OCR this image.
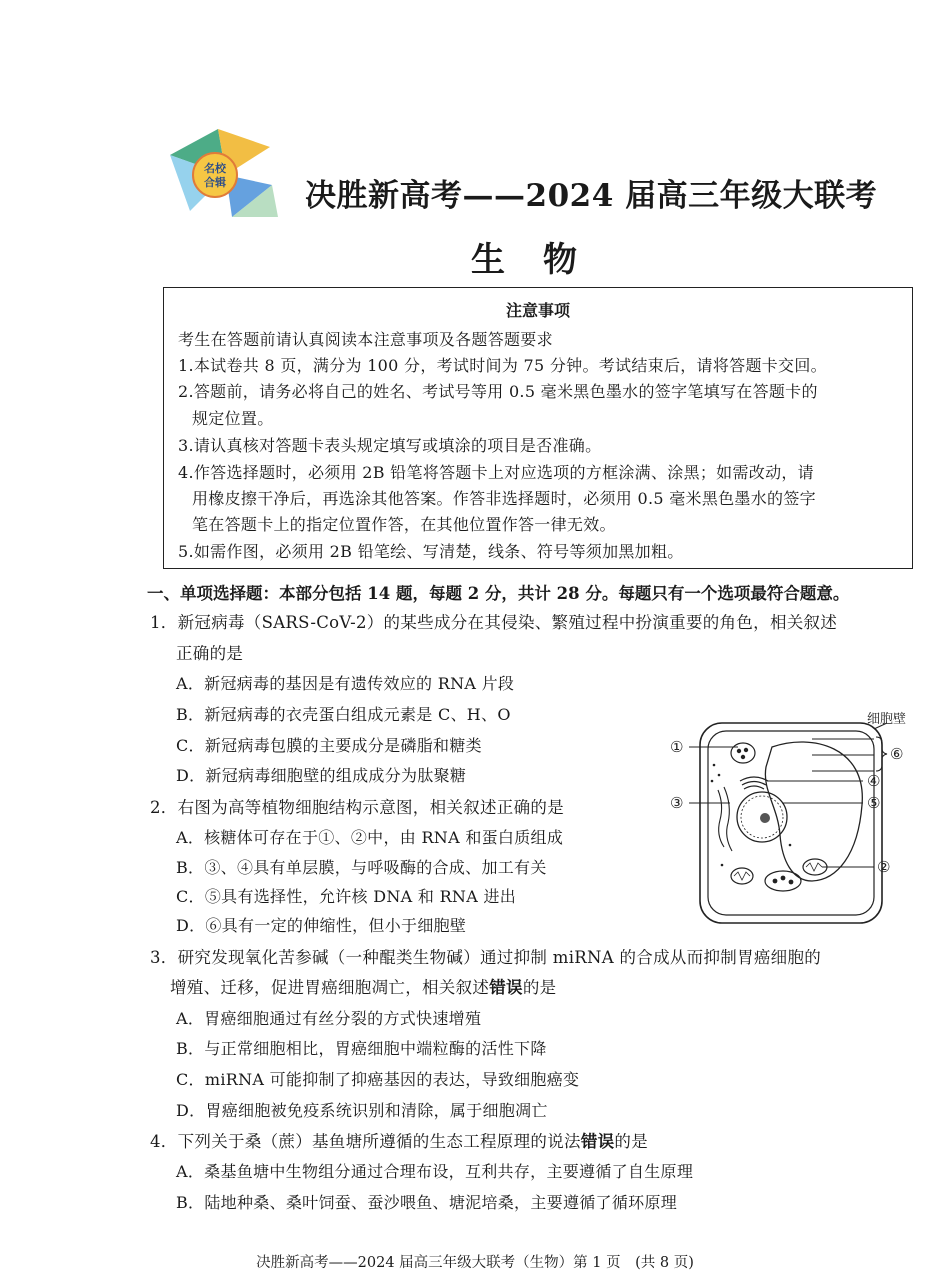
名校
合辑	决胜新高考——2024 届高三年级大联考
生　物
注意事项
考生在答题前请认真阅读本注意事项及各题答题要求
1.本试卷共 8 页，满分为 100 分，考试时间为 75 分钟。考试结束后，请将答题卡交回。
2.答题前，请务必将自己的姓名、考试号等用 0.5 毫米黑色墨水的签字笔填写在答题卡的
规定位置。
3.请认真核对答题卡表头规定填写或填涂的项目是否准确。
4.作答选择题时，必须用 2B 铅笔将答题卡上对应选项的方框涂满、涂黑；如需改动，请
用橡皮擦干净后，再选涂其他答案。作答非选择题时，必须用 0.5 毫米黑色墨水的签字
笔在答题卡上的指定位置作答，在其他位置作答一律无效。
5.如需作图，必须用 2B 铅笔绘、写清楚，线条、符号等须加黑加粗。
一、单项选择题：本部分包括 14 题，每题 2 分，共计 28 分。每题只有一个选项最符合题意。
1．新冠病毒（SARS-CoV-2）的某些成分在其侵染、繁殖过程中扮演重要的角色，相关叙述
正确的是
A．新冠病毒的基因是有遗传效应的 RNA 片段
B．新冠病毒的衣壳蛋白组成元素是 C、H、O
C．新冠病毒包膜的主要成分是磷脂和糖类
D．新冠病毒细胞壁的组成成分为肽聚糖
2．右图为高等植物细胞结构示意图，相关叙述正确的是
A．核糖体可存在于①、②中，由 RNA 和蛋白质组成
B．③、④具有单层膜，与呼吸酶的合成、加工有关
C．⑤具有选择性，允许核 DNA 和 RNA 进出
D．⑥具有一定的伸缩性，但小于细胞壁
细胞壁
①
③
④
⑤
②
⑥
3．研究发现氧化苦参碱（一种醌类生物碱）通过抑制 miRNA 的合成从而抑制胃癌细胞的
增殖、迁移，促进胃癌细胞凋亡，相关叙述错误的是
A．胃癌细胞通过有丝分裂的方式快速增殖
B．与正常细胞相比，胃癌细胞中端粒酶的活性下降
C．miRNA 可能抑制了抑癌基因的表达，导致细胞癌变
D．胃癌细胞被免疫系统识别和清除，属于细胞凋亡
4．下列关于桑（蔗）基鱼塘所遵循的生态工程原理的说法错误的是
A．桑基鱼塘中生物组分通过合理布设，互利共存，主要遵循了自生原理
B．陆地种桑、桑叶饲蚕、蚕沙喂鱼、塘泥培桑，主要遵循了循环原理
决胜新高考——2024 届高三年级大联考（生物）第 1 页　(共 8 页)
